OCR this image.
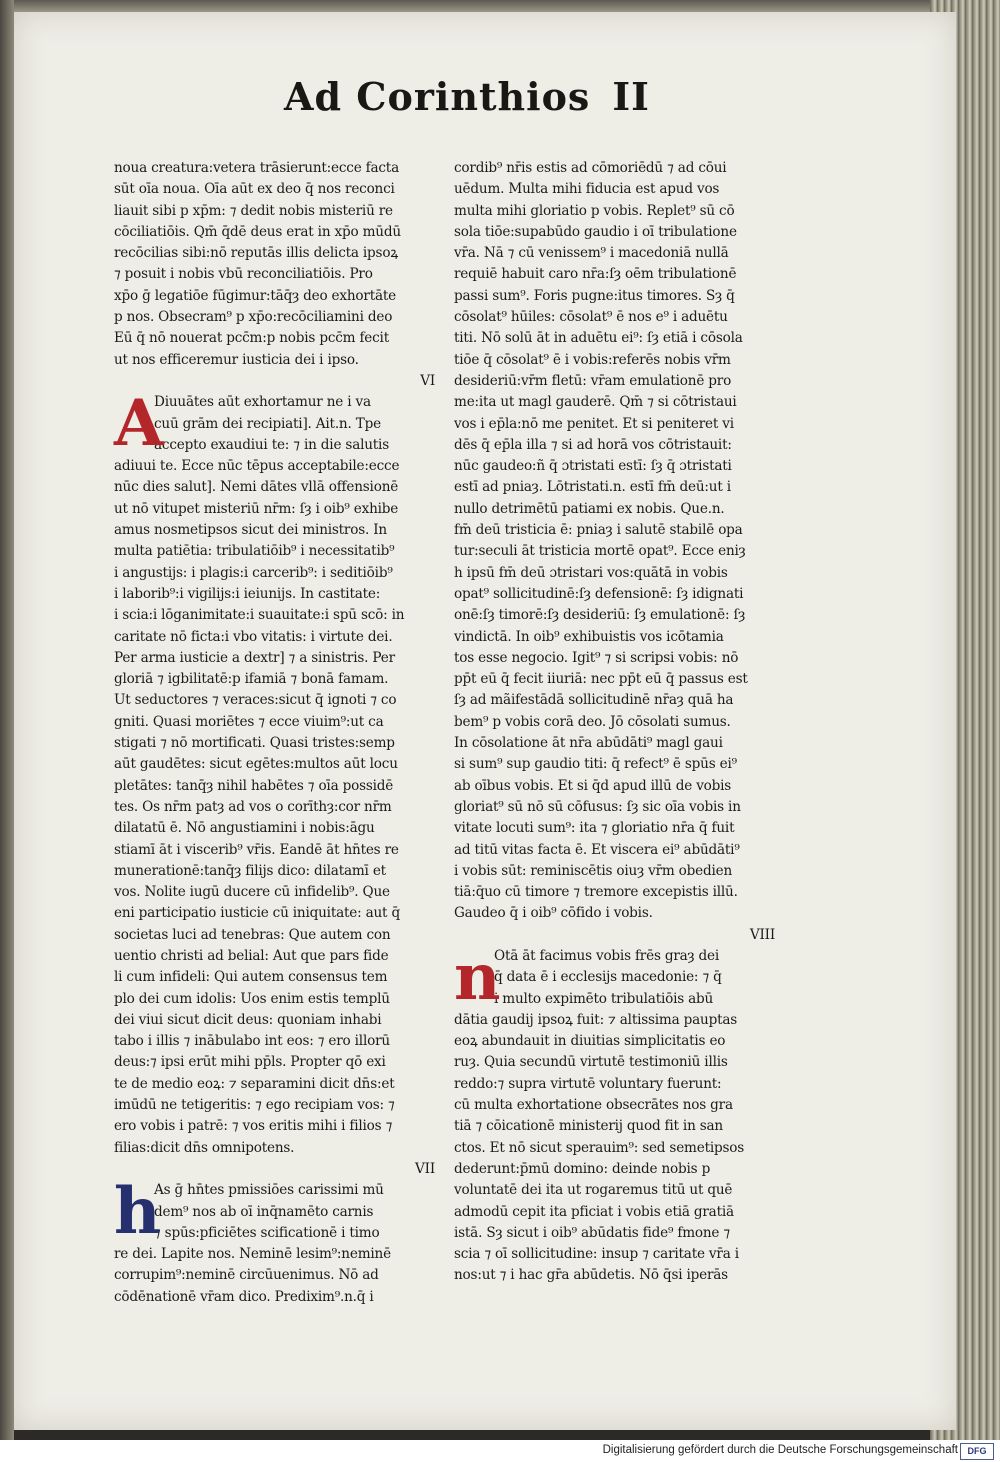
Ad Corinthios II
noua creatura:vetera trāsierunt:ecce facta
sūt oīa noua. Oīa aūt ex deo q̄ nos reconci
liauit sibi p xp̄m: ⁊ dedit nobis misteriū re
cōciliatiōis. Qm̄ q̄dē deus erat in xp̄o mūdū
recōcilias sibi:nō reputās illis delicta ipsoꝝ
⁊ posuit i nobis vbū reconciliatiōis. Pro
xp̄o ḡ legatiōe fūgimur:tāq̄ȝ deo exhortāte
p nos. Obsecram⁹ p xp̄o:recōciliamini deo
Eū q̄ nō nouerat pcc̄m:p nobis pcc̄m fecit
ut nos efficeremur iusticia dei i ipso.
VI
A
Diuuātes aūt exhortamur ne i va
cuū grām dei recipiati]. Ait.n. Tpe
accepto exaudiui te: ⁊ in die salutis
adiuui te. Ecce nūc tēpus acceptabile:ecce
nūc dies salut]. Nemi dātes vllā offensionē
ut nō vitupet misteriū nr̄m: ſȝ i oib⁹ exhibe
amus nosmetipsos sicut dei ministros. In
multa patiētia: tribulatiōib⁹ i necessitatib⁹
i angustijs: i plagis:i carcerib⁹: i seditiōib⁹
i laborib⁹:i vigilijs:i ieiunijs. In castitate:
i scia:i lōganimitate:i suauitate:i spū scō: in
caritate nō ficta:i vbo vitatis: i virtute dei.
Per arma iusticie a dextr] ⁊ a sinistris. Per
gloriā ⁊ igbilitatē:p ifamiā ⁊ bonā famam.
Ut seductores ⁊ veraces:sicut q̄ ignoti ⁊ co
gniti. Quasi moriētes ⁊ ecce viuim⁹:ut ca
stigati ⁊ nō mortificati. Quasi tristes:semp
aūt gaudētes: sicut egētes:multos aūt locu
pletātes: tanq̄ȝ nihil habētes ⁊ oīa possidē
tes. Os nr̄m patȝ ad vos o corīthȝ:cor nr̄m
dilatatū ē. Nō angustiamini i nobis:āgu
stiamī āt i viscerib⁹ vr̄is. Eandē āt hn̄tes re
munerationē:tanq̄ȝ filijs dico: dilatamī et
vos. Nolite iugū ducere cū infidelib⁹. Que
eni participatio iusticie cū iniquitate: aut q̄
societas luci ad tenebras: Que autem con
uentio christi ad belial: Aut que pars fide
li cum infideli: Qui autem consensus tem
plo dei cum idolis: Uos enim estis templū
dei viui sicut dicit deus: quoniam inhabi
tabo i illis ⁊ inābulabo int eos: ⁊ ero illorū
deus:⁊ ipsi erūt mihi pp̄ls. Propter qō exi
te de medio eoꝝ: ⁊ separamini dicit dn̄s:et
imūdū ne tetigeritis: ⁊ ego recipiam vos: ⁊
ero vobis i patrē: ⁊ vos eritis mihi i filios ⁊
filias:dicit dn̄s omnipotens.
VII
h
As ḡ hn̄tes pmissiōes carissimi mū
dem⁹ nos ab oī inq̄namēto carnis
⁊ spūs:pficiētes scificationē i timo
re dei. Lapite nos. Neminē lesim⁹:neminē
corrupim⁹:neminē circūuenimus. Nō ad
cōdēnationē vr̄am dico. Predixim⁹.n.q̄ i
cordib⁹ nr̄is estis ad cōmoriēdū ⁊ ad cōui
uēdum. Multa mihi fiducia est apud vos
multa mihi gloriatio p vobis. Replet⁹ sū cō
sola tiōe:supabūdo gaudio i oī tribulatione
vr̄a. Nā ⁊ cū venissem⁹ i macedoniā nullā
requiē habuit caro nr̄a:ſȝ oēm tribulationē
passi sum⁹. Foris pugne:itus timores. Sȝ q̄
cōsolat⁹ hūiles: cōsolat⁹ ē nos e⁹ i aduētu
titi. Nō solū āt in aduētu ei⁹: ſȝ etiā i cōsola
tiōe q̄ cōsolat⁹ ē i vobis:referēs nobis vr̄m
desideriū:vr̄m fletū: vr̄am emulationē pro
me:ita ut magl gauderē. Qm̄ ⁊ si cōtristaui
vos i ep̄la:nō me penitet. Et si peniteret vi
dēs q̄ ep̄la illa ⁊ si ad horā vos cōtristauit:
nūc gaudeo:ñ q̄ ɔtristati estī: ſȝ q̄ ɔtristati
estī ad pniaȝ. Lōtristati.n. estī fm̄ deū:ut i
nullo detrimētū patiami ex nobis. Que.n.
fm̄ deū tristicia ē: pniaȝ i salutē stabilē opa
tur:seculi āt tristicia mortē opat⁹. Ecce eniȝ
h ipsū fm̄ deū ɔtristari vos:quātā in vobis
opat⁹ sollicitudinē:ſȝ defensionē: ſȝ idignati
onē:ſȝ timorē:ſȝ desideriū: ſȝ emulationē: ſȝ
vindictā. In oib⁹ exhibuistis vos icōtamia
tos esse negocio. Igit⁹ ⁊ si scripsi vobis: nō
pp̄t eū q̄ fecit iiuriā: nec pp̄t eū q̄ passus est
ſȝ ad mãifestādā sollicitudinē nr̄aȝ quā ha
bem⁹ p vobis corā deo. Jō cōsolati sumus.
In cōsolatione āt nr̄a abūdāti⁹ magl gaui
si sum⁹ sup gaudio titi: q̄ refect⁹ ē spūs ei⁹
ab oībus vobis. Et si q̄d apud illū de vobis
gloriat⁹ sū nō sū cōfusus: ſȝ sic oīa vobis in
vitate locuti sum⁹: ita ⁊ gloriatio nr̄a q̄ fuit
ad titū vitas facta ē. Et viscera ei⁹ abūdāti⁹
i vobis sūt: reminiscētis oiuȝ vr̄m obedien
tiā:q̄uo cū timore ⁊ tremore excepistis illū.
Gaudeo q̄ i oib⁹ cōfido i vobis.
VIII
n
Otā āt facimus vobis frēs graȝ dei
q̄ data ē i ecclesijs macedonie: ⁊ q̄
i multo expimēto tribulatiōis abū
dātia gaudij ipsoꝝ fuit: ⁊ altissima pauptas
eoꝝ abundauit in diuitias simplicitatis eo
ruȝ. Quia secundū virtutē testimoniū illis
reddo:⁊ supra virtutē voluntary fuerunt:
cū multa exhortatione obsecrātes nos gra
tiā ⁊ cōicationē ministerij quod fit in san
ctos. Et nō sicut sperauim⁹: sed semetipsos
dederunt:p̄mū domino: deinde nobis p
voluntatē dei ita ut rogaremus titū ut quē
admodū cepit ita pficiat i vobis etiā gratiā
istā. Sȝ sicut i oib⁹ abūdatis fide⁹ fmone ⁊
scia ⁊ oī sollicitudine: insup ⁊ caritate vr̄a i
nos:ut ⁊ i hac gr̄a abūdetis. Nō q̄si iperās
Digitalisierung gefördert durch die Deutsche Forschungsgemeinschaft	DFG
